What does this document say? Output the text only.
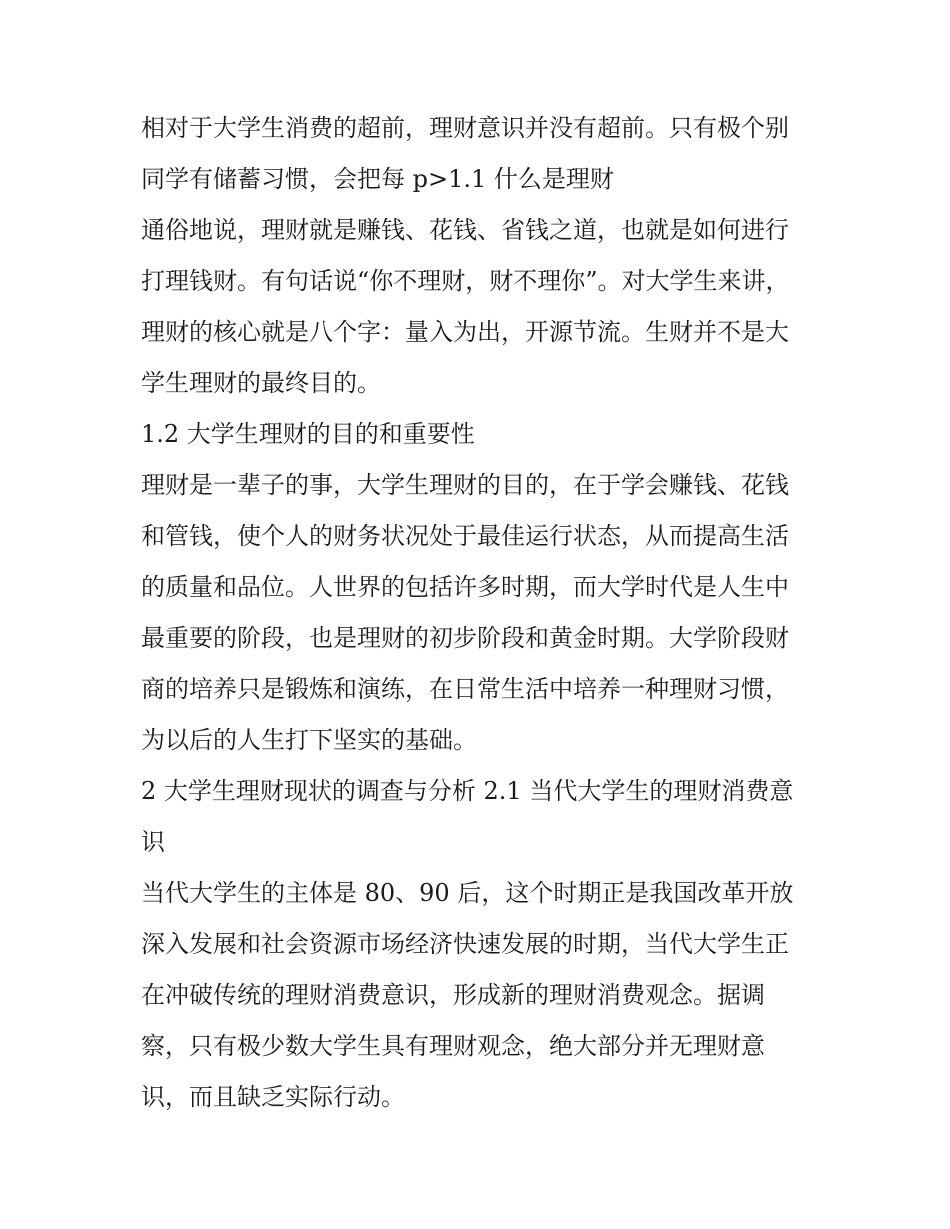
相对于大学生消费的超前，理财意识并没有超前。只有极个别
同学有储蓄习惯，会把每 p>1.1 什么是理财
通俗地说，理财就是赚钱、花钱、省钱之道，也就是如何进行
打理钱财。有句话说“你不理财，财不理你”。对大学生来讲，
理财的核心就是八个字：量入为出，开源节流。生财并不是大
学生理财的最终目的。
1.2 大学生理财的目的和重要性
理财是一辈子的事，大学生理财的目的，在于学会赚钱、花钱
和管钱，使个人的财务状况处于最佳运行状态，从而提高生活
的质量和品位。人世界的包括许多时期，而大学时代是人生中
最重要的阶段，也是理财的初步阶段和黄金时期。大学阶段财
商的培养只是锻炼和演练，在日常生活中培养一种理财习惯，
为以后的人生打下坚实的基础。
2 大学生理财现状的调查与分析 2.1 当代大学生的理财消费意
识
当代大学生的主体是 80、90 后，这个时期正是我国改革开放
深入发展和社会资源市场经济快速发展的时期，当代大学生正
在冲破传统的理财消费意识，形成新的理财消费观念。据调
察，只有极少数大学生具有理财观念，绝大部分并无理财意
识，而且缺乏实际行动。
